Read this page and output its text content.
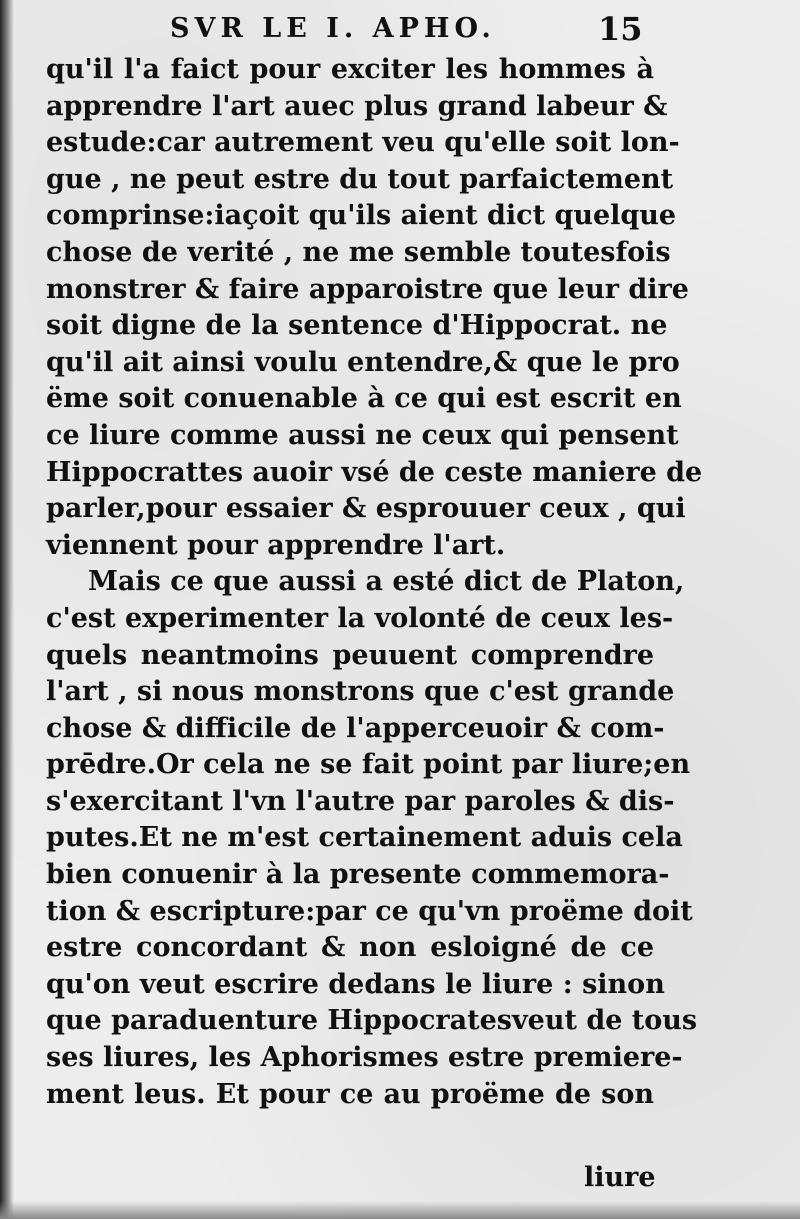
SVR LE I. APHO.	15
qu'il l'a faict pour exciter les hommes à
apprendre l'art auec plus grand labeur &
estude:car autrement veu qu'elle soit lon-
gue , ne peut estre du tout parfaictement
comprinse:iaçoit qu'ils aient dict quelque
chose de verité , ne me semble toutesfois
monstrer & faire apparoistre que leur dire
soit digne de la sentence d'Hippocrat. ne
qu'il ait ainsi voulu entendre,& que le pro
ëme soit conuenable à ce qui est escrit en
ce liure comme aussi ne ceux qui pensent
Hippocrattes auoir vsé de ceste maniere de
parler,pour essaier & esprouuer ceux , qui
viennent pour apprendre l'art.
Mais ce que aussi a esté dict de Platon,
c'est experimenter la volonté de ceux les-
quels neantmoins peuuent comprendre
l'art , si nous monstrons que c'est grande
chose & difficile de l'apperceuoir & com-
prēdre.Or cela ne se fait point par liure;en
s'exercitant l'vn l'autre par paroles & dis-
putes.Et ne m'est certainement aduis cela
bien conuenir à la presente commemora-
tion & escripture:par ce qu'vn proëme doit
estre concordant & non esloigné de ce
qu'on veut escrire dedans le liure : sinon
que paraduenture Hippocratesveut de tous
ses liures, les Aphorismes estre premiere-
ment leus. Et pour ce au proëme de son
liure
